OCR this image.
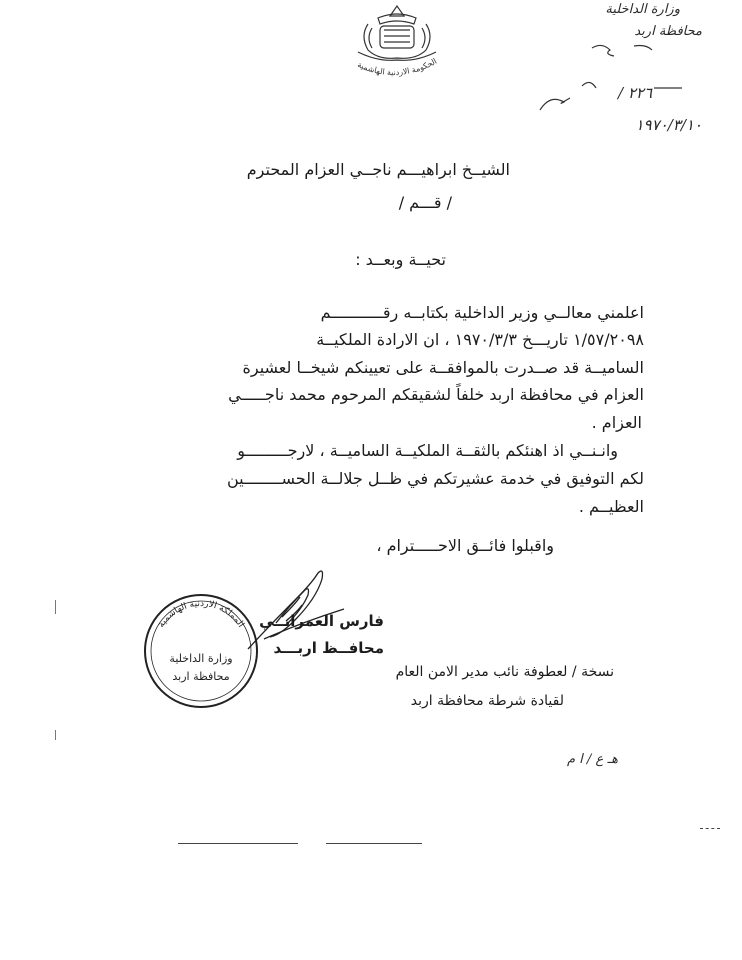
الحكومة الاردنية الهاشمية
وزارة الداخلية
محافظة اربد
/ ٢٢٦
١٩٧٠/٣/١٠
الشيــخ ابراهيـــم ناجــي العزام المحترم
/ قـــم /
تحيــة وبعــد :
اعلمني معالــي وزير الداخلية بكتابــه رقـــــــــــم
١/٥٧/٢٠٩٨ تاريـــخ ١٩٧٠/٣/٣ ، ان الارادة الملكيــة
الساميــة قد صــدرت بالموافقــة على تعيينكم شيخــا لعشيرة
العزام في محافظة اربد خلفاً لشقيقكم المرحوم محمد ناجـــــي
العزام .
وانـنــي اذ اهنئكم بالثقــة الملكيــة الساميــة ، لارجـــــــــو
لكم التوفيق في خدمة عشيرتكم في ظــل جلالــة الحســــــــين
العظيــم .
واقبلوا فائــق الاحـــــترام ،
المملكة الاردنية الهاشمية
وزارة الداخلية
محافظة اربد
فارس العمرانــي
محافــظ اربـــد
نسخة / لعطوفة نائب مدير الامن العام
لقيادة شرطة محافظة اربد
هـ ع / ا م
